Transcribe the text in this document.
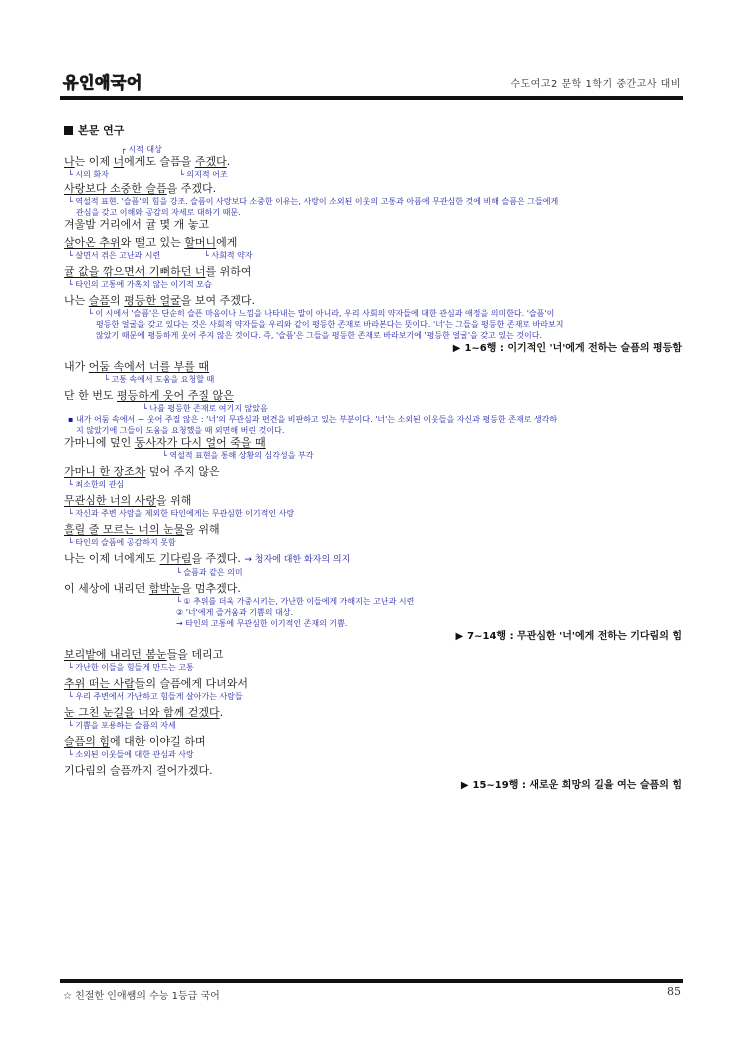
유인애국어	수도여고2 문학 1학기 중간고사 대비
본문 연구
┌ 시적 대상
나는 이제 너에게도 슬픔을 주겠다.
└ 시의 화자	└ 의지적 어조
사랑보다 소중한 슬픔을 주겠다.
└ 역설적 표현. '슬픔'의 힘을 강조. 슬픔이 사랑보다 소중한 이유는, 사랑이 소외된 이웃의 고통과 아픔에 무관심한 것에 비해 슬픔은 그들에게
관심을 갖고 이해와 공감의 자세로 대하기 때문.
겨울밤 거리에서 귤 몇 개 놓고
살아온 추위와 떨고 있는 할머니에게
└ 살면서 겪은 고난과 시련	└ 사회적 약자
귤 값을 깎으면서 기뻐하던 너를 위하여
└ 타인의 고통에 가혹치 않는 이기적 모습
나는 슬픔의 평등한 얼굴을 보여 주겠다.
└ 이 시에서 '슬픔'은 단순히 슬픈 마음이나 느낌을 나타내는 말이 아니라, 우리 사회의 약자들에 대한 관심과 애정을 의미한다. '슬픔'이
평등한 얼굴을 갖고 있다는 것은 사회적 약자들을 우리와 같이 평등한 존재로 바라본다는 뜻이다. '너'는 그들을 평등한 존재로 바라보지
않았기 때문에 평등하게 웃어 주지 않은 것이다. 즉, '슬픔'은 그들을 평등한 존재로 바라보기에 '평등한 얼굴'을 갖고 있는 것이다.
▶ 1~6행 : 이기적인 '너'에게 전하는 슬픔의 평등함
내가 어둠 속에서 너를 부를 때
└ 고통 속에서 도움을 요청할 때
단 한 번도 평등하게 웃어 주질 않은
└ 나를 평등한 존재로 여기지 않았음
▪ 내가 어둠 속에서 ~ 웃어 주질 않은 : '너'의 무관심과 편견을 비판하고 있는 부분이다. '너'는 소외된 이웃들을 자신과 평등한 존재로 생각하
지 않았기에 그들이 도움을 요청했을 때 외면해 버린 것이다.
가마니에 덮인 동사자가 다시 얼어 죽을 때
└ 역설적 표현을 통해 상황의 심각성을 부각
가마니 한 장조차 덮어 주지 않은
└ 최소한의 관심
무관심한 너의 사랑을 위해
└ 자신과 주변 사람을 제외한 타인에게는 무관심한 이기적인 사랑
흘릴 줄 모르는 너의 눈물을 위해
└ 타인의 슬픔에 공감하지 못함
나는 이제 너에게도 기다림을 주겠다. → 청자에 대한 화자의 의지
└ 슬픔과 같은 의미
이 세상에 내리던 함박눈을 멈추겠다.
└ ① 추위를 더욱 가중시키는, 가난한 이들에게 가해지는 고난과 시련
② '너'에게 즐거움과 기쁨의 대상.
→ 타인의 고통에 무관심한 이기적인 존재의 기쁨.
▶ 7~14행 : 무관심한 '너'에게 전하는 기다림의 힘
보리밭에 내리던 봄눈들을 데리고
└ 가난한 이들을 힘들게 만드는 고통
추위 떠는 사람들의 슬픔에게 다녀와서
└ 우리 주변에서 가난하고 힘들게 살아가는 사람들
눈 그친 눈길을 너와 함께 걷겠다.
└ 기쁨을 포용하는 슬픔의 자세
슬픔의 힘에 대한 이야길 하며
└ 소외된 이웃들에 대한 관심과 사랑
기다림의 슬픔까지 걸어가겠다.
▶ 15~19행 : 새로운 희망의 길을 여는 슬픔의 힘
☆ 친절한 인애쌤의 수능 1등급 국어	85
